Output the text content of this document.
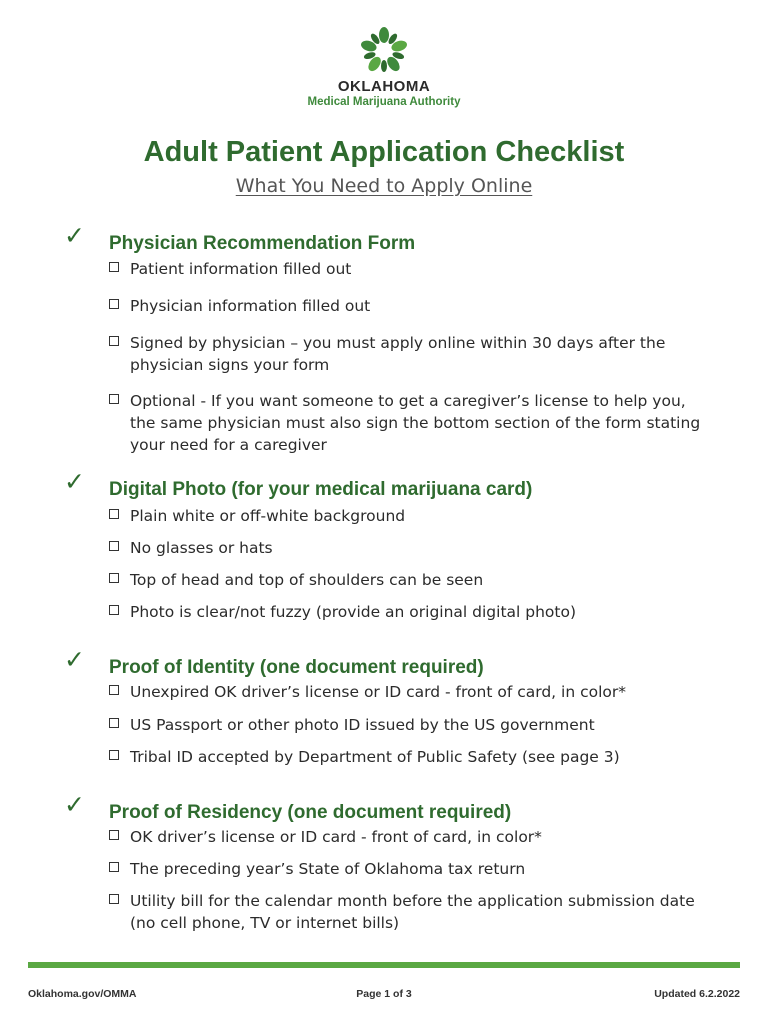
OKLAHOMA
Medical Marijuana Authority
Adult Patient Application Checklist
What You Need to Apply Online
✓ Physician Recommendation Form
Patient information filled out
Physician information filled out
Signed by physician – you must apply online within 30 days after the physician signs your form
Optional - If you want someone to get a caregiver’s license to help you, the same physician must also sign the bottom section of the form stating your need for a caregiver
✓ Digital Photo (for your medical marijuana card)
Plain white or off-white background
No glasses or hats
Top of head and top of shoulders can be seen
Photo is clear/not fuzzy (provide an original digital photo)
✓ Proof of Identity (one document required)
Unexpired OK driver’s license or ID card - front of card, in color*
US Passport or other photo ID issued by the US government
Tribal ID accepted by Department of Public Safety (see page 3)
✓ Proof of Residency (one document required)
OK driver’s license or ID card - front of card, in color*
The preceding year’s State of Oklahoma tax return
Utility bill for the calendar month before the application submission date (no cell phone, TV or internet bills)
Oklahoma.gov/OMMA	Page 1 of 3	Updated 6.2.2022
